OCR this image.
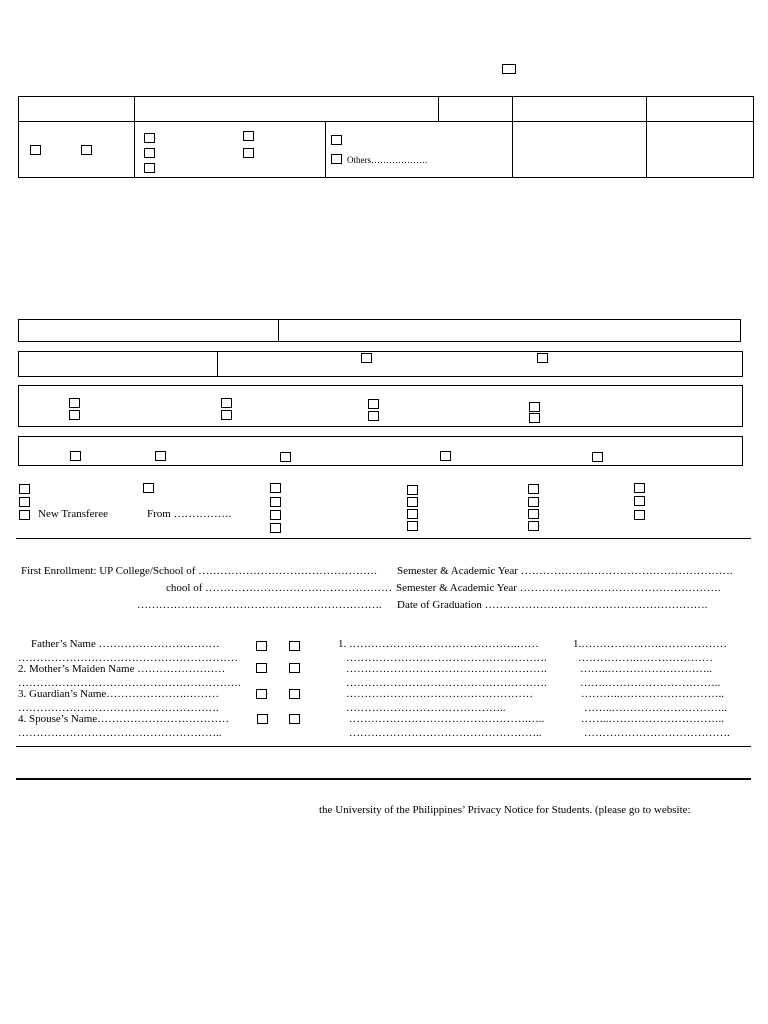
Others……………….
New Transferee	From …………….
First Enrollment: UP College/School of …………………………………………. Semester & Academic Year ………………………………………………….
chool of …………………………………………… Semester & Academic Year ……………………………………………….
…………………………………………………………. Date of Graduation …………………………………………………….
Father’s Name ……………………………
……………………………………………………
2. Mother’s Maiden Name ……………………
…………………………………………………….
3. Guardian’s Name………………….………
……………………………………………….
4. Spouse’s Name………………………………
………………………………………………..
1. ……………………………………….……
……………………………………………….
……………………………………………….
……………………………………………….
……………………………………………
……………………………………..
………………………………………….…..
……………………………………………..
1.………………….………………
…………….…………………
……..………………………..
…….…………………………..
………..………………………..
……..…………………………..
……..…………………………..
………………………………….
the University of the Philippines’ Privacy Notice for Students. (please go to website:
